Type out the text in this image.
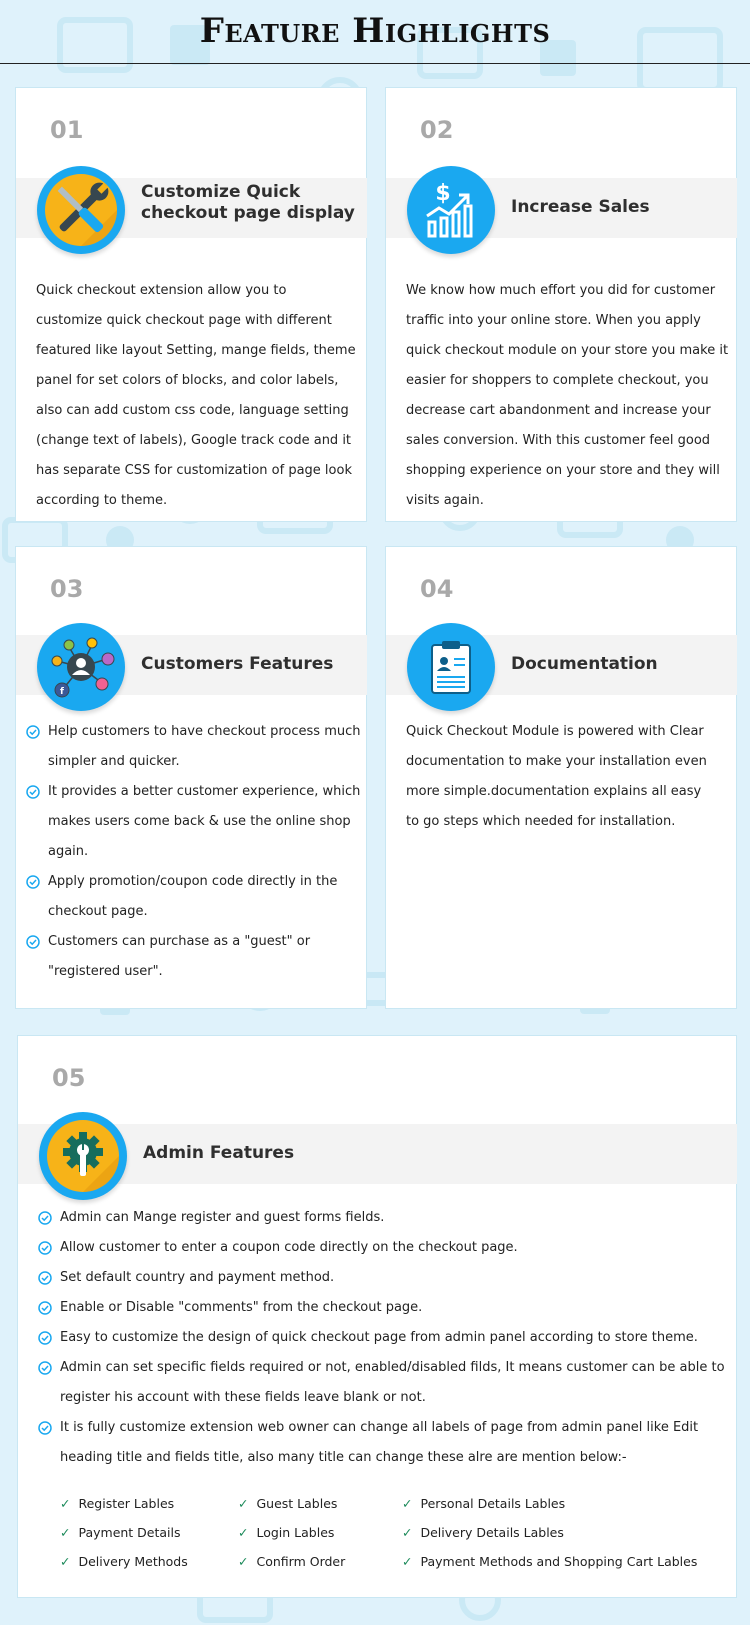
Feature Highlights
01
Customize Quick checkout page display
Quick checkout extension allow you to customize quick checkout page with different featured like layout Setting, mange fields, theme panel for set colors of blocks, and color labels, also can add custom css code, language setting (change text of labels), Google track code and it has separate CSS for customization of page look according to theme.
02
$
Increase Sales
We know how much effort you did for customer traffic into your online store. When you apply quick checkout module on your store you make it easier for shoppers to complete checkout, you decrease cart abandonment and increase your sales conversion. With this customer feel good shopping experience on your store and they will visits again.
03
f
Customers Features
Help customers to have checkout process much simpler and quicker.
It provides a better customer experience, which makes users come back & use the online shop again.
Apply promotion/coupon code directly in the checkout page.
Customers can purchase as a "guest" or "registered user".
04
Documentation
Quick Checkout Module is powered with Clear documentation to make your installation even more simple.documentation explains all easy to go steps which needed for installation.
05
Admin Features
Admin can Mange register and guest forms fields.
Allow customer to enter a coupon code directly on the checkout page.
Set default country and payment method.
Enable or Disable "comments" from the checkout page.
Easy to customize the design of quick checkout page from admin panel according to store theme.
Admin can set specific fields required or not, enabled/disabled filds, It means customer can be able to register his account with these fields leave blank or not.
It is fully customize extension web owner can change all labels of page from admin panel like Edit heading title and fields title, also many title can change these alre are mention below:-
✓ Register Lables	✓ Guest Lables	✓ Personal Details Lables
✓ Payment Details	✓ Login Lables	✓ Delivery Details Lables
✓ Delivery Methods	✓ Confirm Order	✓ Payment Methods and Shopping Cart Lables
